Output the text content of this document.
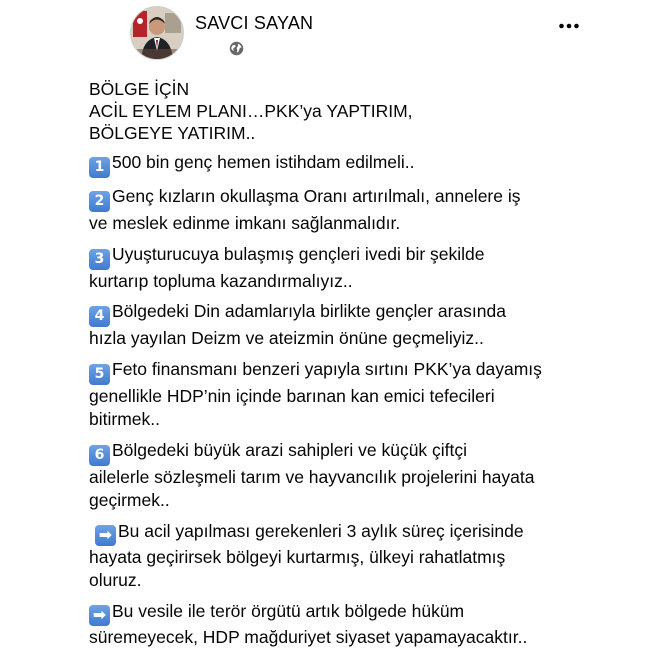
SAVCI SAYAN

BÖLGE İÇİN

ACİL EYLEM PLANI…PKK’ya YAPTIRIM,

BÖLGEYE YATIRIM..

1 500 bin genç hemen istihdam edilmeli..
2 Genç kızların okullaşma Oranı artırılmalı, annelere iş
ve meslek edinme imkanı sağlanmalıdır.
3 Uyuşturucuya bulaşmış gençleri ivedi bir şekilde
kurtarıp topluma kazandırmalıyız..
4 Bölgedeki Din adamlarıyla birlikte gençler arasında
hızla yayılan Deizm ve ateizmin önüne geçmeliyiz..
5 Feto finansmanı benzeri yapıyla sırtını PKK’ya dayamış
genellikle HDP’nin içinde barınan kan emici tefecileri
bitirmek..
6 Bölgedeki büyük arazi sahipleri ve küçük çiftçi
ailelerle sözleşmeli tarım ve hayvancılık projelerini hayata
geçirmek..
➡ Bu acil yapılması gerekenleri 3 aylık süreç içerisinde
hayata geçirirsek bölgeyi kurtarmış, ülkeyi rahatlatmış
oluruz.
➡ Bu vesile ile terör örgütü artık bölgede hüküm
süremeyecek, HDP mağduriyet siyaset yapamayacaktır..
